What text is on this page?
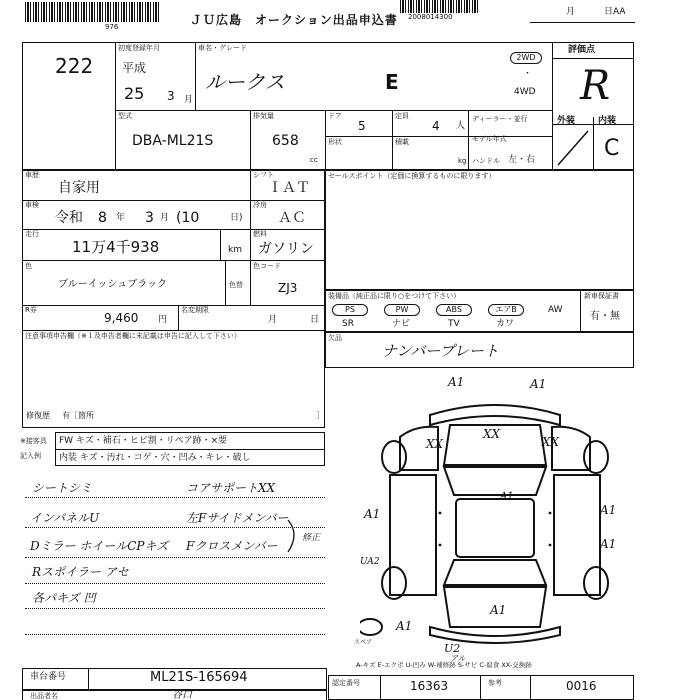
976	ＪＵ広島　オークション出品申込書 2008014300	月	日AA
222
初度登録年月
平成
25 3 月
車名・グレード
ルークス	E
2WD
・
4WD
評価点
R
外装	内装
C
型式
DBA-ML21S
排気量
658
cc
ドア
5
定員
4 人
形状	積載
kg
ディーラー・並行
モデル年式
ハンドル 左・右
車歴
自家用
シフト
ＩＡＴ
車検
令和 8 年 3 月 (10	日)
冷房
ＡＣ
走行
11万4千938	km
燃料
ガソリン
色
ブルーイッシュブラック	色替
色コード
ZJ3
R券
9,460 円
名変期限
月	日
注意事項申告欄（※１及申告者欄に未記載は申告に記入して下さい）
修復歴 有［箇所	］
セールスポイント（定価に換算するものに限ります）
装備品（純正品に限り○をつけて下さい）
PS	PW	ABS	エアB	AW
SR	ナビ	TV	カワ
新車保証書
有・無
欠品
ナンバープレート
※接客具
記入例
FW キズ・補石・ヒビ割・リペア跡・×要
内装 キズ・汚れ・コゲ・穴・凹み・キレ・破し
シートシミ
インパネルU
Dミラー ホイールCPキズ
Rスポイラー アセ
各パキズ 凹
コアサポートXX
左Fサイドメンバー
Fクロスメンバー
修正
A1	A1
XX
XX	XX
A1	A1
A1
A1
UA2
A1
A1
U2
アル
スペア
A-キズ E-エクボ U-凹み W-補修跡 S-サビ C-腐食 XX-交換跡
車台番号	ML21S-165694
出品者名	谷口
認定番号	16363	参考	0016
